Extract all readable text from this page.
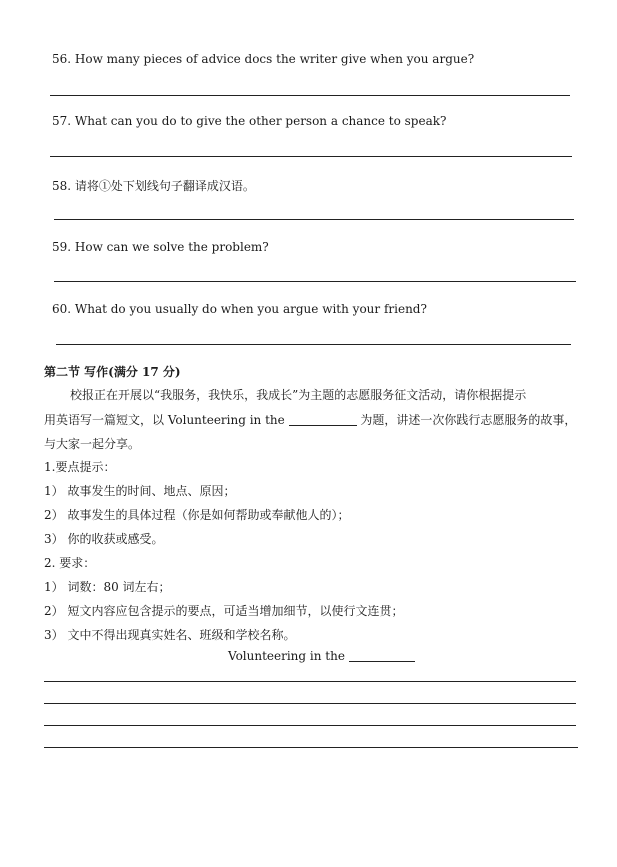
56. How many pieces of advice docs the writer give when you argue?
57. What can you do to give the other person a chance to speak?
58. 请将①处下划线句子翻译成汉语。
59. How can we solve the problem?
60. What do you usually do when you argue with your friend?
第二节 写作(满分 17 分)
校报正在开展以“我服务，我快乐，我成长”为主题的志愿服务征文活动，请你根据提示
用英语写一篇短文，以 Volunteering in the	为题，讲述一次你践行志愿服务的故事，
与大家一起分享。
1.要点提示：
1） 故事发生的时间、地点、原因；
2） 故事发生的具体过程（你是如何帮助或奉献他人的）；
3） 你的收获或感受。
2. 要求：
1） 词数：80 词左右；
2） 短文内容应包含提示的要点，可适当增加细节，以使行文连贯；
3） 文中不得出现真实姓名、班级和学校名称。
Volunteering in the
